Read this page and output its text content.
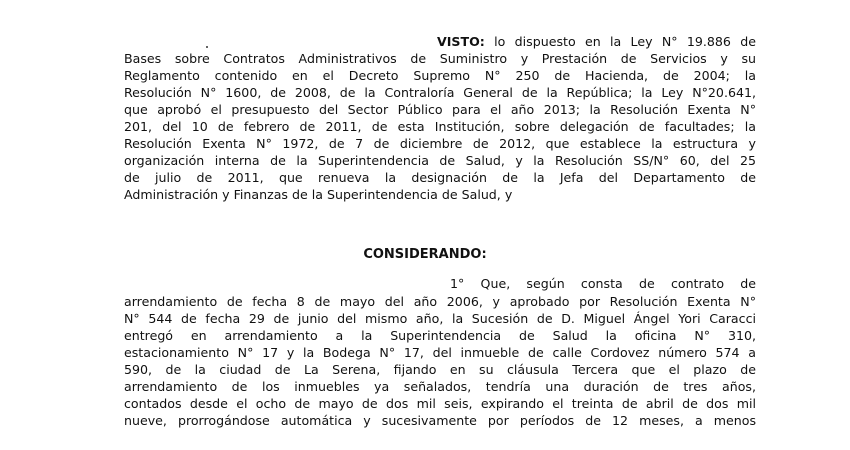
VISTO: lo dispuesto en la Ley N° 19.886 de
Bases sobre Contratos Administrativos de Suministro y Prestación de Servicios y su
Reglamento contenido en el Decreto Supremo N° 250 de Hacienda, de 2004; la
Resolución N° 1600, de 2008, de la Contraloría General de la República; la Ley N°20.641,
que aprobó el presupuesto del Sector Público para el año 2013; la Resolución Exenta N°
201, del 10 de febrero de 2011, de esta Institución, sobre delegación de facultades; la
Resolución Exenta N° 1972, de 7 de diciembre de 2012, que establece la estructura y
organización interna de la Superintendencia de Salud, y la Resolución SS/N° 60, del 25
de julio de 2011, que renueva la designación de la Jefa del Departamento de
Administración y Finanzas de la Superintendencia de Salud, y
CONSIDERANDO:
1° Que, según consta de contrato de
arrendamiento de fecha 8 de mayo del año 2006, y aprobado por Resolución Exenta N°
N° 544 de fecha 29 de junio del mismo año, la Sucesión de D. Miguel Ángel Yori Caracci
entregó en arrendamiento a la Superintendencia de Salud la oficina N° 310,
estacionamiento N° 17 y la Bodega N° 17, del inmueble de calle Cordovez número 574 a
590, de la ciudad de La Serena, fijando en su cláusula Tercera que el plazo de
arrendamiento de los inmuebles ya señalados, tendría una duración de tres años,
contados desde el ocho de mayo de dos mil seis, expirando el treinta de abril de dos mil
nueve, prorrogándose automática y sucesivamente por períodos de 12 meses, a menos
